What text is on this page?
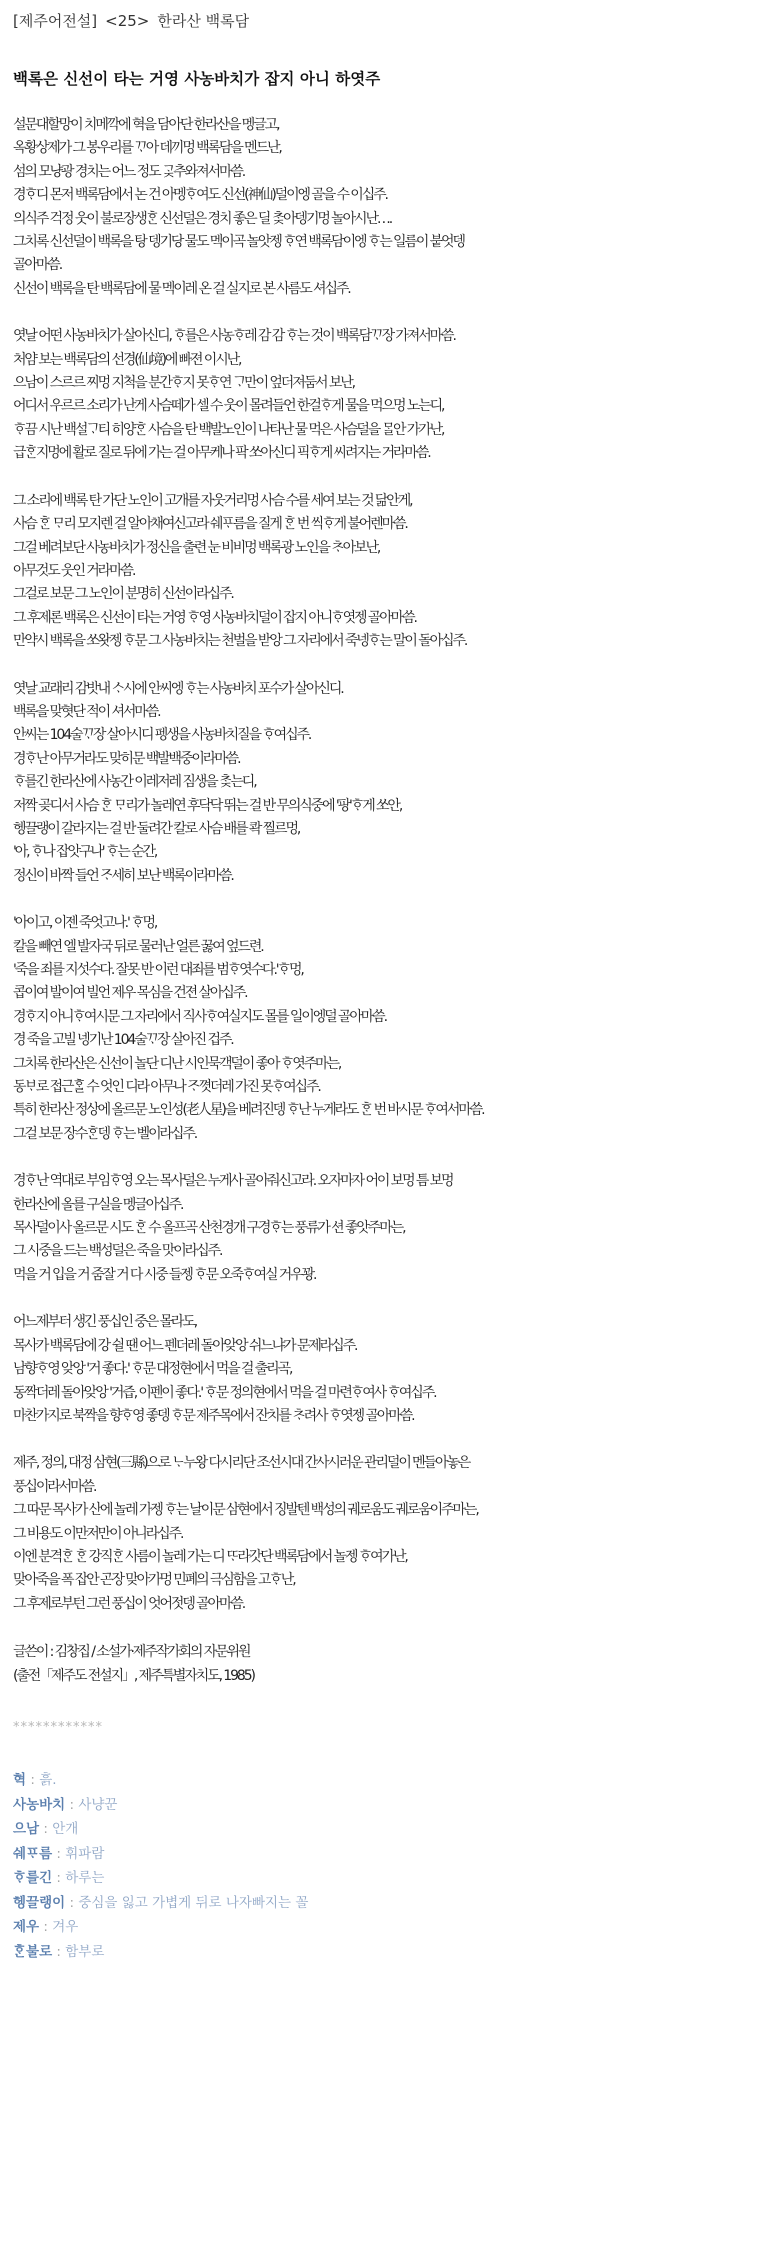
[제주어전설] <25> 한라산 백록담
백록은 신선이 타는 거영 사농바치가 잡지 아니 하엿주
설문대할망이 치메깍에 혁을 담아단 한라산을 멩글고,
옥황상제가 그 봉우리를 ᄁᆞ아 데끼멍 백록담을 멘드난,
섬의 모냥광 경치는 어느 정도 ᄀᆞᆽ추와져서마씀.
경ᄒᆞ디 몬저 백록담에서 논 건 아멩ᄒᆞ여도 신선(神仙)덜이엥 골을 수 이십주.
의식주 걱정 웃이 불로장생ᄒᆞᆫ 신선덜은 경치 좋은 딜 ᄎᆞᆽ아뎅기멍 놀아시난….
그치록 신선덜이 백록을 탕 뎅기당 물도 멕이곡 놀앗젱 ᄒᆞ연 백록담이엥 ᄒᆞ는 일름이 붙엇뎅
골아마씀.
신선이 백록을 탄 백록담에 물 멕이레 온 걸 실지로 본 사름도 셔십주.
엿날 어떤 사농바치가 살아신디, ᄒᆞ를은 사농ᄒᆞ레 감 감 ᄒᆞ는 것이 백록담ᄁᆞ장 가져서마씀.
처얌 보는 백록담의 선경(仙境)에 빠젼 이시난,
으남이 스르르 찌멍 지척을 분간ᄒᆞ지 못ᄒᆞ연 ᄀᆞ만이 엎더져둠서 보난,
어디서 우르르 소리가 난게 사슴떼가 셀 수 웃이 몰려들언 한걸ᄒᆞ게 물을 먹으멍 노는디,
ᄒᆞ끔 시난 백설ᄀᆞ티 히양ᄒᆞᆫ 사슴을 탄 백발노인이 나타난 물 먹은 사슴덜을 ᄆᆞᆯ안 가가난,
급ᄒᆞᆫ지멍에 활로 질로 뒤에 가는 걸 아무케나 팍 쏘아신디 픽ᄒᆞ게 씨려지는 거라마씀.
그 소리에 백록 탄 가단 노인이 고개를 자웃거리멍 사슴 수를 세여 보는 것 닮안게,
사슴 ᄒᆞᆫ ᄆᆞ리 모지렌 걸 알아채여신고라 쉐ᄑᆞ름을 질게 ᄒᆞᆫ 번 씩ᄒᆞ게 불어렌마씀.
그걸 베려보단 사농바치가 정신을 출련 눈 비비멍 백록광 노인을 ᄎᆞ아보난,
아무것도 웃인 거라마씀.
그걸로 보문 그 노인이 분명히 신선이라십주.
그 후제론 백록은 신선이 타는 거영 ᄒᆞ영 사농바치덜이 잡지 아니ᄒᆞ엿젱 골아마씀.
만약시 백록을 쏘왓젱 ᄒᆞ문 그 사농바치는 천벌을 받앙 그 자리에서 죽넹ᄒᆞ는 말이 돌아십주.
엿날 교래리 감밧내 ᄉᆞ시에 안씨엥 ᄒᆞ는 사농바치 포수가 살아신디.
백록을 맞혓단 적이 셔서마씀.
안씨는 104술ᄁᆞ장 살아시디 펭생을 사농바치질을 ᄒᆞ여십주.
경ᄒᆞ난 아무거라도 맞히문 백발백중이라마씀.
ᄒᆞ를긴 한라산에 사농간 이레저레 짐생을 ᄎᆞᆽ는디,
저짝 곶디서 사슴 ᄒᆞᆫ ᄆᆞ리가 놀레연 후닥닥 뛰는 걸 반 무의식중에 '팡'ᄒᆞ게 쏘안,
헹끌랭이 갈라지는 걸 반 둘려간 칼로 사슴 배를 콱 찔르멍,
'아, ᄒᆞ나 잡앗구나' ᄒᆞ는 순간,
정신이 바짝 들언 ᄌᆞ세히 보난 백록이라마씀.
'아이고, 이젠 죽엇고나.' ᄒᆞ멍,
칼을 빼연 엘 발자국 뒤로 물러난 얼른 꿇여 엎드련.
'죽을 죄를 지섯수다. 잘못 반 이런 대죄를 범ᄒᆞ엿수다.'ᄒᆞ멍,
콥이여 발이여 빌언 제우 목심을 건젼 살아십주.
경ᄒᆞ지 아니ᄒᆞ여시문 그 자리에서 직사ᄒᆞ여실지도 몰를 일이엥덜 골아마씀.
경 죽을 고빌 넹기난 104술ᄁᆞ장 살아진 겁주.
그치록 한라산은 신선이 놀단 디난 시인묵객덜이 좋아 ᄒᆞ엿주마는,
동ᄇᆞ로 접근ᄒᆞᆯ 수 엇인 디라 아무나 ᄌᆞ꼇더레 가진 못ᄒᆞ여십주.
특히 한라산 정상에 올르문 노인성(老人星)을 베려진뎅 ᄒᆞ난 누게라도 ᄒᆞᆫ 번 바시문 ᄒᆞ여서마씀.
그걸 보문 장수ᄒᆞᆫ뎅 ᄒᆞ는 벨이라십주.
경ᄒᆞ난 역대로 부임ᄒᆞ영 오는 목사덜은 누게사 골아줘신고라. 오자마자 어이 보멍 틈 보멍
한라산에 올를 구실을 멩글아십주.
목사덜이사 올르문 시도 ᄒᆞᆫ 수 올프곡 산천경개 구경ᄒᆞ는 풍류가 션 좋앗주마는,
그 시중을 드는 백성덜은 죽을 맛이라십주.
먹을 거 입을 거 줌잘 거 다 시중 들젱 ᄒᆞ문 오죽ᄒᆞ여실 거우꽝.
어느제부터 생긴 풍십인 중은 몰라도,
목사가 백록담에 강 쉴 땐 어느 펜더레 돌아앚앙 쉬느냐가 문제라십주.
남향ᄒᆞ영 앚앙 '거 좋다.' ᄒᆞ문 대정현에서 먹을 걸 출리곡,
동짝더레 돌아앚앙 '거즙, 이펜이 좋다.' ᄒᆞ문 정의현에서 먹을 걸 마련ᄒᆞ여사 ᄒᆞ여십주.
마찬가지로 북짝을 향ᄒᆞ영 좋뎅 ᄒᆞ문 제주목에서 잔치를 ᄎᆞ려사 ᄒᆞ엿젱 골아마씀.
제주, 정의, 대정 삼현(三縣)으로 ᄂᆞ누왕 다시리단 조선시대 간사시러운 관리덜이 멘들아놓은
풍십이라서마씀.
그 따문 목사가 산에 놀레 가젱 ᄒᆞ는 날이문 삼현에서 징발텐 백성의 궤로움도 궤로움이주마는,
그 비용도 이만저만이 아니라십주.
이엔 분격ᄒᆞᆫ ᄒᆞᆫ 강직ᄒᆞᆫ 사름이 놀레 가는 디 ᄄᆞ라갓단 백록담에서 놀젱 ᄒᆞ여가난,
맞아죽을 폭 잡안 곤장 맞아가멍 민폐의 극심함을 고ᄒᆞ난,
그 후제로부턴 그런 풍십이 엇어젓뎅 골아마씀.
글쓴이 : 김창집 / 소설가·제주작가회의 자문위원
(출전「제주도 전설지」, 제주특별자치도, 1985)
************
혁 : 흙.
사농바치 : 사냥꾼
으남 : 안개
쉐ᄑᆞ름 : 휘파람
ᄒᆞ를긴 : 하루는
헹끌랭이 : 중심을 잃고 가볍게 뒤로 나자빠지는 꼴
제우 : 겨우
ᄒᆞᆫ불로 : 함부로
